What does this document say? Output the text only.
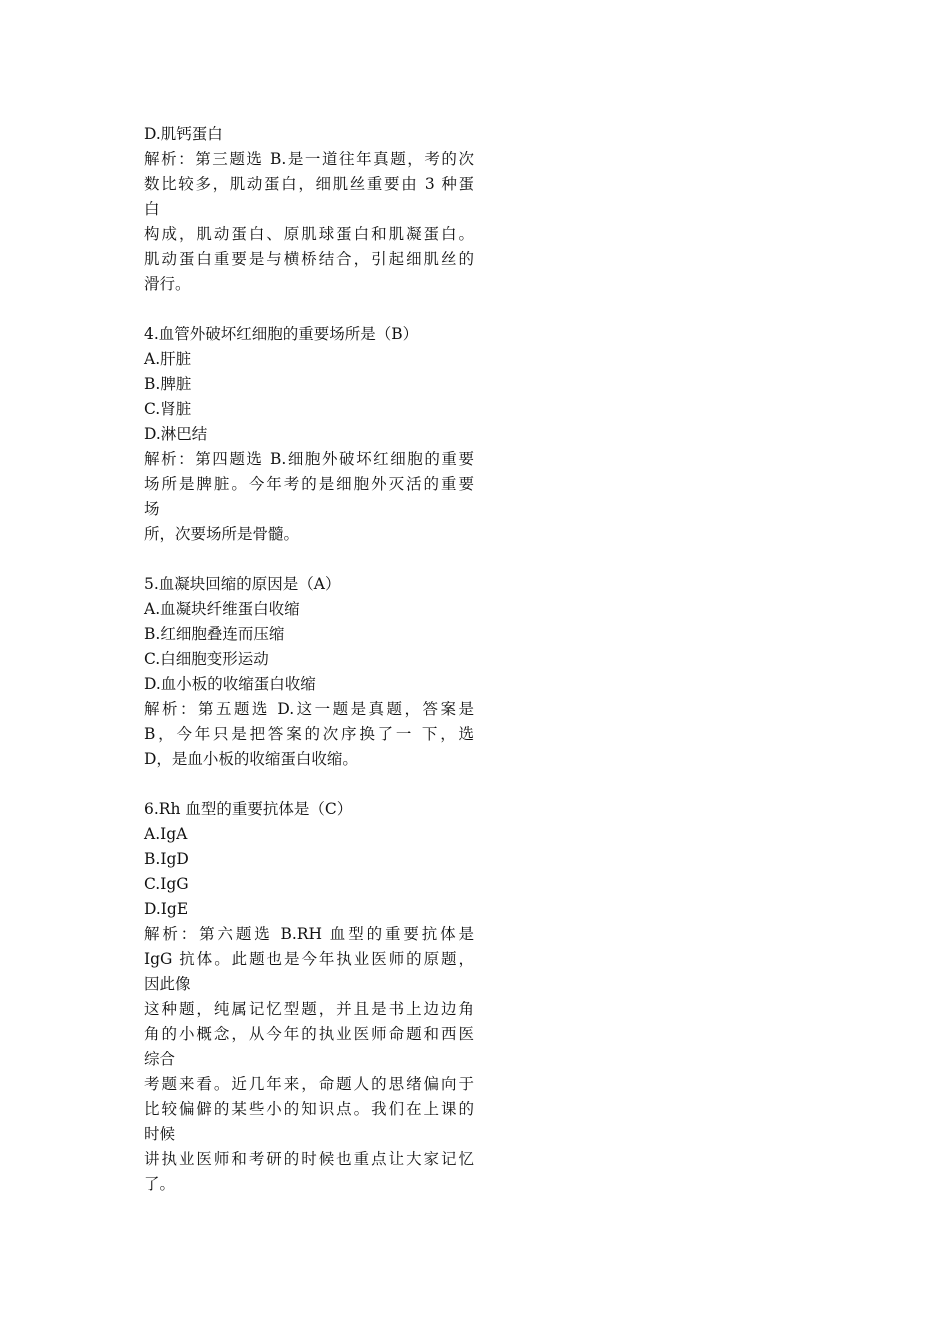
D.肌钙蛋白
解析：第三题选 B.是一道往年真题，考的次
数比较多，肌动蛋白，细肌丝重要由 3 种蛋
白
构成，肌动蛋白、原肌球蛋白和肌凝蛋白。
肌动蛋白重要是与横桥结合，引起细肌丝的
滑行。
4.血管外破坏红细胞的重要场所是（B）
A.肝脏
B.脾脏
C.肾脏
D.淋巴结
解析：第四题选 B.细胞外破坏红细胞的重要
场所是脾脏。今年考的是细胞外灭活的重要
场
所，次要场所是骨髓。
5.血凝块回缩的原因是（A）
A.血凝块纤维蛋白收缩
B.红细胞叠连而压缩
C.白细胞变形运动
D.血小板的收缩蛋白收缩
解析：第五题选 D.这一题是真题，答案是
B，今年只是把答案的次序换了一 下，选
D，是血小板的收缩蛋白收缩。
6.Rh 血型的重要抗体是（C）
A.IgA
B.IgD
C.IgG
D.IgE
解析：第六题选 B.RH 血型的重要抗体是
IgG 抗体。此题也是今年执业医师的原题，
因此像
这种题，纯属记忆型题，并且是书上边边角
角的小概念，从今年的执业医师命题和西医
综合
考题来看。近几年来，命题人的思绪偏向于
比较偏僻的某些小的知识点。我们在上课的
时候
讲执业医师和考研的时候也重点让大家记忆
了。
